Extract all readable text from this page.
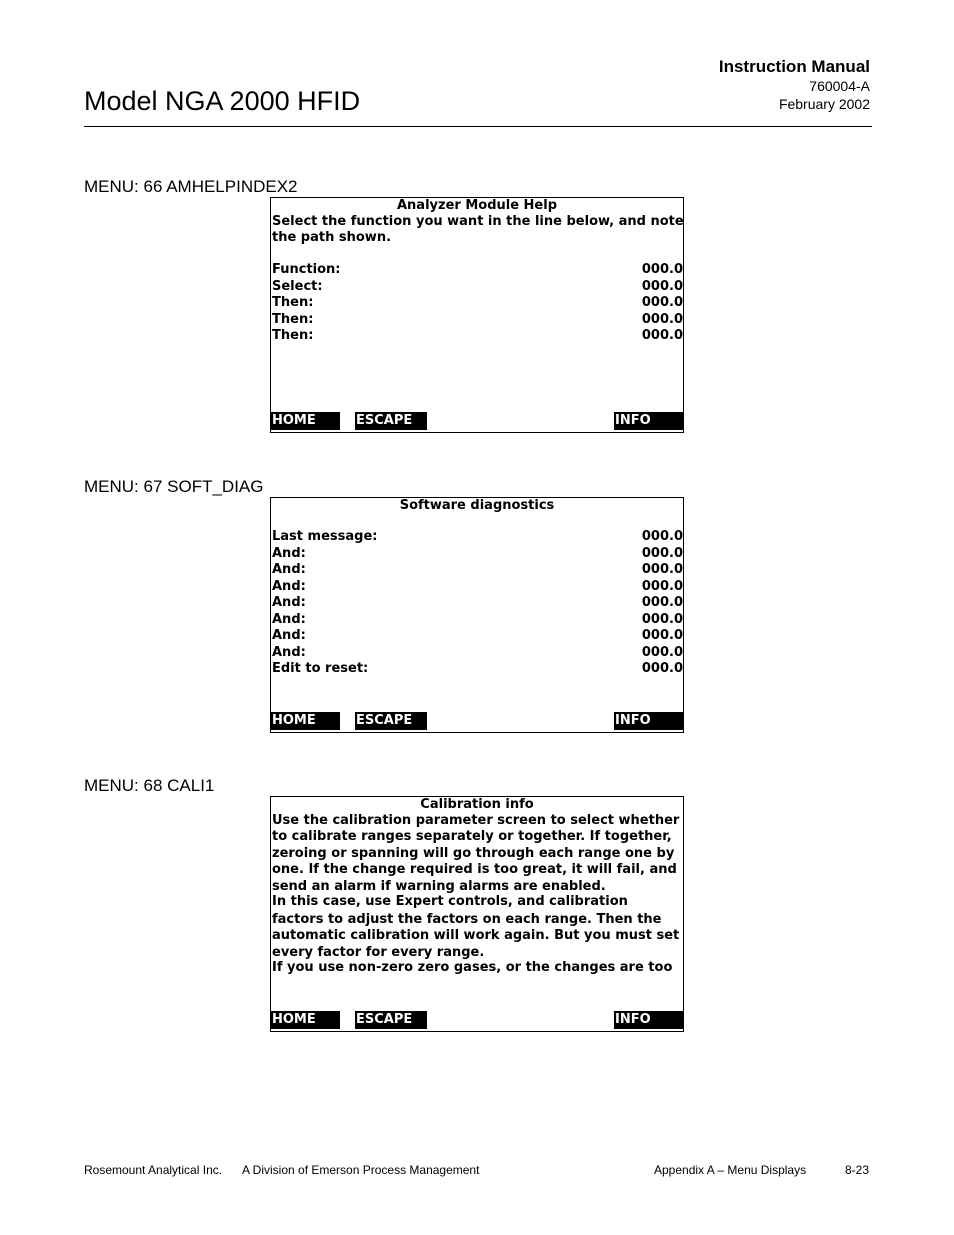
Model NGA 2000 HFID
Instruction Manual
760004-A
February 2002
MENU: 66 AMHELPINDEX2
Analyzer Module Help
Select the function you want in the line below, and note
the path shown.
Function:	000.0
Select:	000.0
Then:	000.0
Then:	000.0
Then:	000.0
HOME	ESCAPE	INFO
MENU: 67 SOFT_DIAG
Software diagnostics
Last message:	000.0
And:	000.0
And:	000.0
And:	000.0
And:	000.0
And:	000.0
And:	000.0
And:	000.0
Edit to reset:	000.0
HOME	ESCAPE	INFO
MENU: 68 CALI1
Calibration info
Use the calibration parameter screen to select whether
to calibrate ranges separately or together. If together,
zeroing or spanning will go through each range one by
one. If the change required is too great, it will fail, and
send an alarm if warning alarms are enabled.
In this case, use Expert controls, and calibration
factors to adjust the factors on each range. Then the
automatic calibration will work again. But you must set
every factor for every range.
If you use non-zero zero gases, or the changes are too
HOME	ESCAPE	INFO
Rosemount Analytical Inc. A Division of Emerson Process Management	Appendix A – Menu Displays	8-23
